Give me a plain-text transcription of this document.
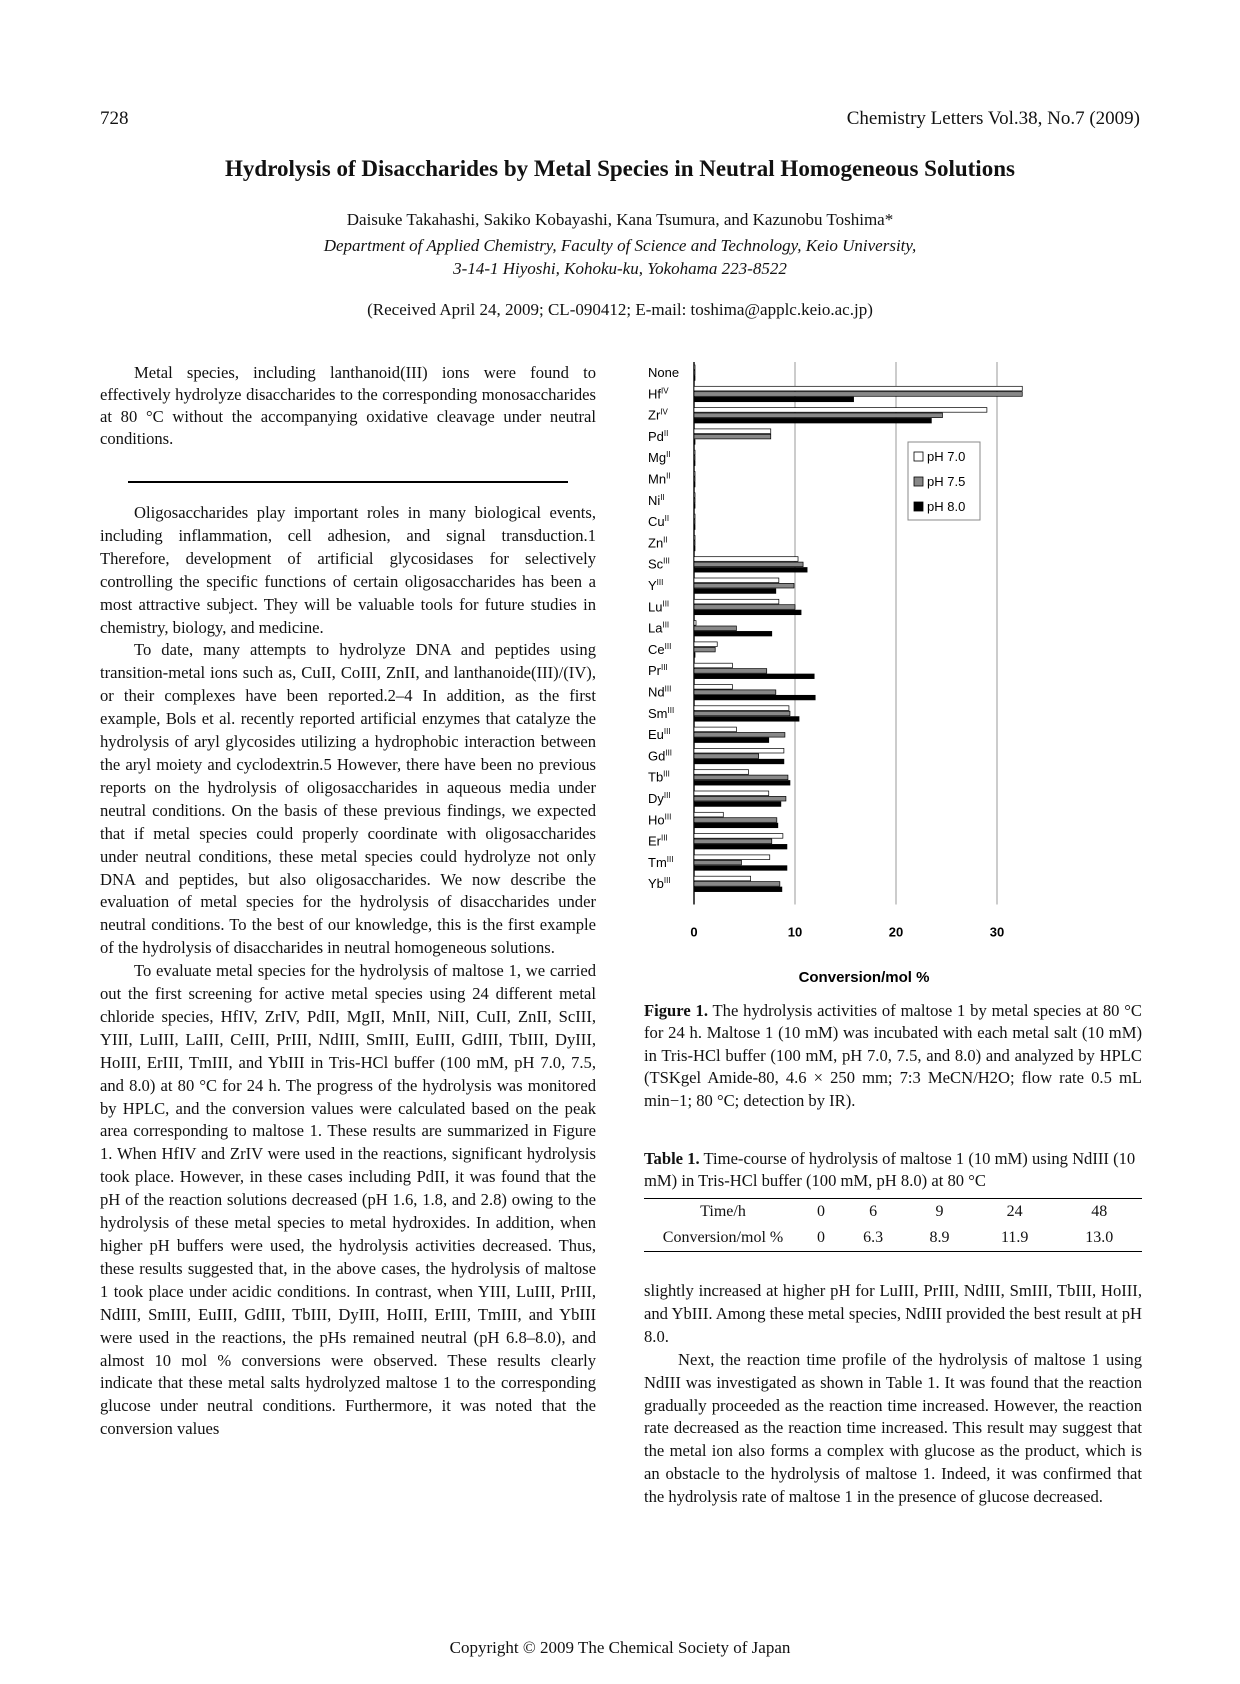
728	Chemistry Letters Vol.38, No.7 (2009)
Hydrolysis of Disaccharides by Metal Species in Neutral Homogeneous Solutions
Daisuke Takahashi, Sakiko Kobayashi, Kana Tsumura, and Kazunobu Toshima*
Department of Applied Chemistry, Faculty of Science and Technology, Keio University,
3-14-1 Hiyoshi, Kohoku-ku, Yokohama 223-8522
(Received April 24, 2009; CL-090412; E-mail: toshima@applc.keio.ac.jp)
Metal species, including lanthanoid(III) ions were found to effectively hydrolyze disaccharides to the corresponding monosaccharides at 80 °C without the accompanying oxidative cleavage under neutral conditions.

Oligosaccharides play important roles in many biological events, including inflammation, cell adhesion, and signal transduction.1 Therefore, development of artificial glycosidases for selectively controlling the specific functions of certain oligosaccharides has been a most attractive subject. They will be valuable tools for future studies in chemistry, biology, and medicine.

To date, many attempts to hydrolyze DNA and peptides using transition-metal ions such as, CuII, CoIII, ZnII, and lanthanoide(III)/(IV), or their complexes have been reported.2–4 In addition, as the first example, Bols et al. recently reported artificial enzymes that catalyze the hydrolysis of aryl glycosides utilizing a hydrophobic interaction between the aryl moiety and cyclodextrin.5 However, there have been no previous reports on the hydrolysis of oligosaccharides in aqueous media under neutral conditions. On the basis of these previous findings, we expected that if metal species could properly coordinate with oligosaccharides under neutral conditions, these metal species could hydrolyze not only DNA and peptides, but also oligosaccharides. We now describe the evaluation of metal species for the hydrolysis of disaccharides under neutral conditions. To the best of our knowledge, this is the first example of the hydrolysis of disaccharides in neutral homogeneous solutions.

To evaluate metal species for the hydrolysis of maltose 1, we carried out the first screening for active metal species using 24 different metal chloride species, HfIV, ZrIV, PdII, MgII, MnII, NiII, CuII, ZnII, ScIII, YIII, LuIII, LaIII, CeIII, PrIII, NdIII, SmIII, EuIII, GdIII, TbIII, DyIII, HoIII, ErIII, TmIII, and YbIII in Tris-HCl buffer (100 mM, pH 7.0, 7.5, and 8.0) at 80 °C for 24 h. The progress of the hydrolysis was monitored by HPLC, and the conversion values were calculated based on the peak area corresponding to maltose 1. These results are summarized in Figure 1. When HfIV and ZrIV were used in the reactions, significant hydrolysis took place. However, in these cases including PdII, it was found that the pH of the reaction solutions decreased (pH 1.6, 1.8, and 2.8) owing to the hydrolysis of these metal species to metal hydroxides. In addition, when higher pH buffers were used, the hydrolysis activities decreased. Thus, these results suggested that, in the above cases, the hydrolysis of maltose 1 took place under acidic conditions. In contrast, when YIII, LuIII, PrIII, NdIII, SmIII, EuIII, GdIII, TbIII, DyIII, HoIII, ErIII, TmIII, and YbIII were used in the reactions, the pHs remained neutral (pH 6.8–8.0), and almost 10 mol % conversions were observed. These results clearly indicate that these metal salts hydrolyzed maltose 1 to the corresponding glucose under neutral conditions. Furthermore, it was noted that the conversion values

None
$Hf^{IV}$
$Zr^{IV}$
$Pd^{II}$
$Mg^{II}$
$Mn^{II}$
$Ni^{II}$
$Cu^{II}$
$Zn^{II}$
$Sc^{III}$
$Y^{III}$
$Lu^{III}$
$La^{III}$
$Ce^{III}$
$Pr^{III}$
$Nd^{III}$
$Sm^{III}$
$Eu^{III}$
$Gd^{III}$
$Tb^{III}$
$Dy^{III}$
$Ho^{III}$
$Er^{III}$
$Tm^{III}$
$Yb^{III}$
0	10	20	30
Conversion/mol %
pH 7.0
pH 7.5
pH 8.0
Figure 1. The hydrolysis activities of maltose 1 by metal species at 80 °C for 24 h. Maltose 1 (10 mM) was incubated with each metal salt (10 mM) in Tris-HCl buffer (100 mM, pH 7.0, 7.5, and 8.0) and analyzed by HPLC (TSKgel Amide-80, 4.6 × 250 mm; 7:3 MeCN/H2O; flow rate 0.5 mL min−1; 80 °C; detection by IR).
Table 1. Time-course of hydrolysis of maltose 1 (10 mM) using NdIII (10 mM) in Tris-HCl buffer (100 mM, pH 8.0) at 80 °C
Time/h	0	6	9	24	48
Conversion/mol %	0	6.3	8.9	11.9	13.0

slightly increased at higher pH for LuIII, PrIII, NdIII, SmIII, TbIII, HoIII, and YbIII. Among these metal species, NdIII provided the best result at pH 8.0.

Next, the reaction time profile of the hydrolysis of maltose 1 using NdIII was investigated as shown in Table 1. It was found that the reaction gradually proceeded as the reaction time increased. However, the reaction rate decreased as the reaction time increased. This result may suggest that the metal ion also forms a complex with glucose as the product, which is an obstacle to the hydrolysis of maltose 1. Indeed, it was confirmed that the hydrolysis rate of maltose 1 in the presence of glucose decreased.

Copyright © 2009 The Chemical Society of Japan
